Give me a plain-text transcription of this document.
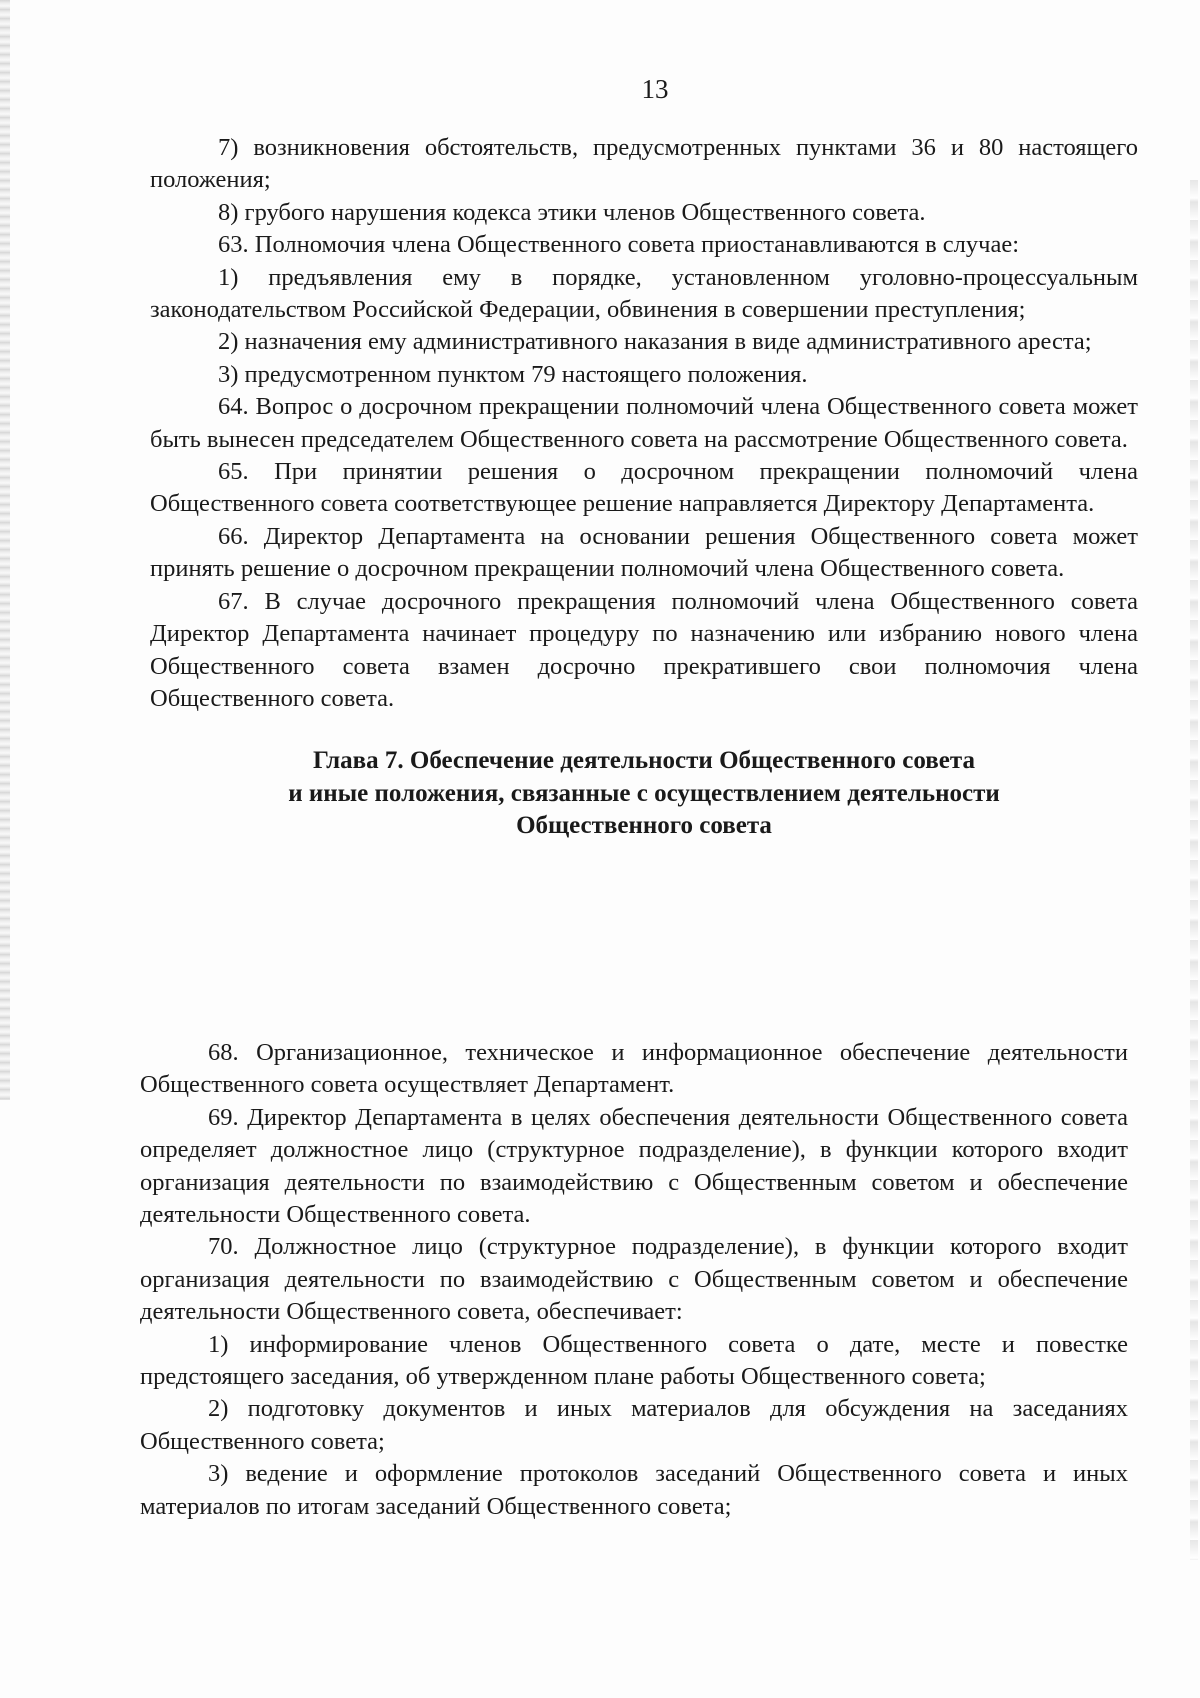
13

7) возникновения обстоятельств, предусмотренных пунктами 36 и 80 настоящего положения;

8) грубого нарушения кодекса этики членов Общественного совета.

63. Полномочия члена Общественного совета приостанавливаются в случае:

1) предъявления ему в порядке, установленном уголовно-процессуальным законодательством Российской Федерации, обвинения в совершении преступления;

2) назначения ему административного наказания в виде административного ареста;

3) предусмотренном пунктом 79 настоящего положения.

64. Вопрос о досрочном прекращении полномочий члена Общественного совета может быть вынесен председателем Общественного совета на рассмотрение Общественного совета.

65. При принятии решения о досрочном прекращении полномочий члена Общественного совета соответствующее решение направляется Директору Департамента.

66. Директор Департамента на основании решения Общественного совета может принять решение о досрочном прекращении полномочий члена Общественного совета.

67. В случае досрочного прекращения полномочий члена Общественного совета Директор Департамента начинает процедуру по назначению или избранию нового члена Общественного совета взамен досрочно прекратившего свои полномочия члена Общественного совета.

Глава 7. Обеспечение деятельности Общественного совета
и иные положения, связанные с осуществлением деятельности
Общественного совета

68. Организационное, техническое и информационное обеспечение деятельности Общественного совета осуществляет Департамент.

69. Директор Департамента в целях обеспечения деятельности Общественного совета определяет должностное лицо (структурное подразделение), в функции которого входит организация деятельности по взаимодействию с Общественным советом и обеспечение деятельности Общественного совета.

70. Должностное лицо (структурное подразделение), в функции которого входит организация деятельности по взаимодействию с Общественным советом и обеспечение деятельности Общественного совета, обеспечивает:

1) информирование членов Общественного совета о дате, месте и повестке предстоящего заседания, об утвержденном плане работы Общественного совета;

2) подготовку документов и иных материалов для обсуждения на заседаниях Общественного совета;

3) ведение и оформление протоколов заседаний Общественного совета и иных материалов по итогам заседаний Общественного совета;
